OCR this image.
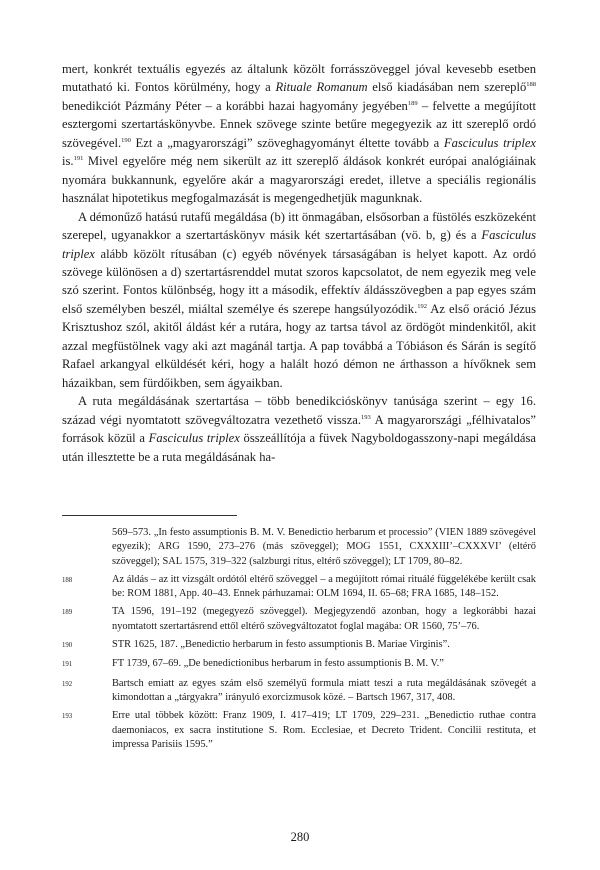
mert, konkrét textuális egyezés az általunk közölt forrásszöveggel jóval kevesebb esetben mutatható ki. Fontos körülmény, hogy a Rituale Romanum első kiadásában nem szereplő$^{188}$ benedikciót Pázmány Péter – a korábbi hazai hagyomány jegyében$^{189}$ – felvette a megújított esztergomi szertartáskönyvbe. Ennek szövege szinte betűre megegyezik az itt szereplő ordó szövegével.$^{190}$ Ezt a „magyarországi” szöveghagyományt éltette tovább a Fasciculus triplex is.$^{191}$ Mivel egyelőre még nem sikerült az itt szereplő áldások konkrét európai analógiáinak nyomára bukkannunk, egyelőre akár a magyarországi eredet, illetve a speciális regionális használat hipotetikus megfogalmazását is megengedhetjük magunknak.

A démonűző hatású rutafű megáldása (b) itt önmagában, elsősorban a füstölés eszközeként szerepel, ugyanakkor a szertartáskönyv másik két szertartásában (vö. b, g) és a Fasciculus triplex alább közölt rítusában (c) egyéb növények társaságában is helyet kapott. Az ordó szövege különösen a d) szertartásrenddel mutat szoros kapcsolatot, de nem egyezik meg vele szó szerint. Fontos különbség, hogy itt a második, effektív áldásszövegben a pap egyes szám első személyben beszél, miáltal személye és szerepe hangsúlyozódik.$^{192}$ Az első oráció Jézus Krisztushoz szól, akitől áldást kér a rutára, hogy az tartsa távol az ördögöt mindenkitől, akit azzal megfüstölnek vagy aki azt magánál tartja. A pap továbbá a Tóbiáson és Sárán is segítő Rafael arkangyal elküldését kéri, hogy a halált hozó démon ne árthasson a hívőknek sem házaikban, sem fürdőikben, sem ágyaikban.

A ruta megáldásának szertartása – több benedikcióskönyv tanúsága szerint – egy 16. század végi nyomtatott szövegváltozatra vezethető vissza.$^{193}$ A magyarországi „félhivatalos” források közül a Fasciculus triplex összeállítója a füvek Nagyboldogasszony-napi megáldása után illesztette be a ruta megáldásának ha-

569–573. „In festo assumptionis B. M. V. Benedictio herbarum et processio” (VIEN 1889 szövegével egyezik); ARG 1590, 273–276 (más szöveggel); MOG 1551, CXXXIII’–CXXXVI’ (eltérő szöveggel); SAL 1575, 319–322 (salzburgi rítus, eltérő szöveggel); LT 1709, 80–82.
188	Az áldás – az itt vizsgált ordótól eltérő szöveggel – a megújított római rituálé függelékébe került csak be: ROM 1881, App. 40–43. Ennek párhuzamai: OLM 1694, II. 65–68; FRA 1685, 148–152.
189	TA 1596, 191–192 (megegyező szöveggel). Megjegyzendő azonban, hogy a legkorábbi hazai nyomtatott szertartásrend ettől eltérő szövegváltozatot foglal magába: OR 1560, 75’–76.
190	STR 1625, 187. „Benedictio herbarum in festo assumptionis B. Mariae Virginis”.
191	FT 1739, 67–69. „De benedictionibus herbarum in festo assumptionis B. M. V.”
192	Bartsch emiatt az egyes szám első személyű formula miatt teszi a ruta megáldásának szövegét a kimondottan a „tárgyakra” irányuló exorcizmusok közé. – Bartsch 1967, 317, 408.
193	Erre utal többek között: Franz 1909, I. 417–419; LT 1709, 229–231. „Benedictio ruthae contra daemoniacos, ex sacra institutione S. Rom. Ecclesiae, et Decreto Trident. Concilii restituta, et impressa Parisiis 1595.”
280
